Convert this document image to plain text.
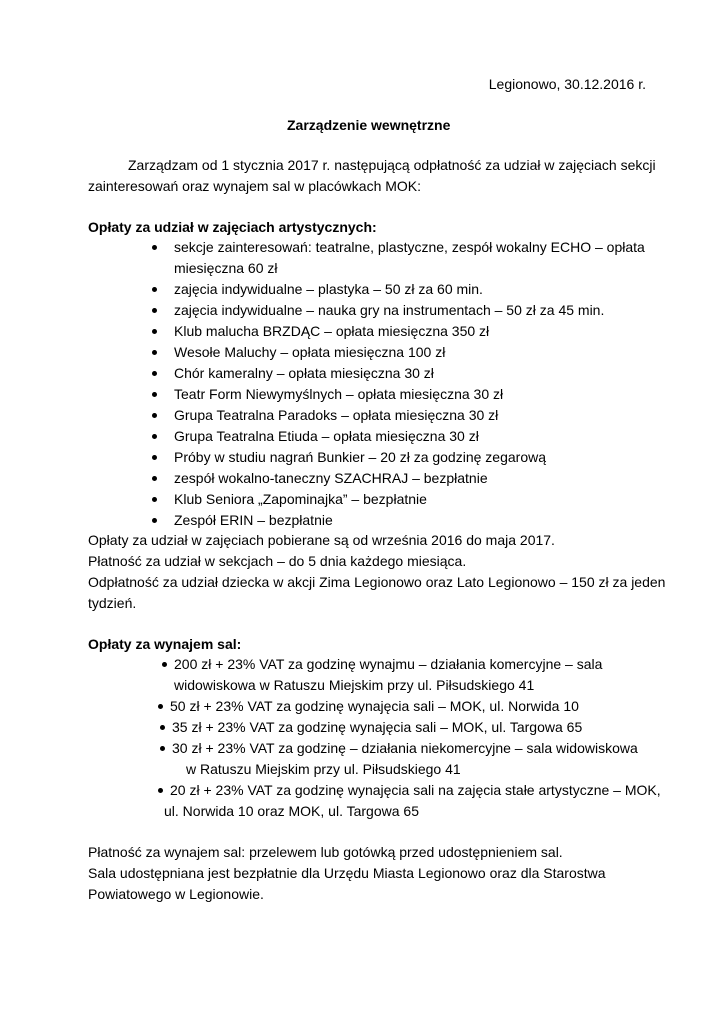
Legionowo, 30.12.2016 r.
Zarządzenie wewnętrzne
Zarządzam od 1 stycznia 2017 r. następującą odpłatność za udział w zajęciach sekcji
zainteresowań oraz wynajem sal w placówkach MOK:
Opłaty za udział w zajęciach artystycznych:
sekcje zainteresowań: teatralne, plastyczne, zespół wokalny ECHO – opłata
miesięczna 60 zł
zajęcia indywidualne – plastyka – 50 zł za 60 min.
zajęcia indywidualne – nauka gry na instrumentach – 50 zł za 45 min.
Klub malucha BRZDĄC – opłata miesięczna 350 zł
Wesołe Maluchy – opłata miesięczna 100 zł
Chór kameralny – opłata miesięczna 30 zł
Teatr Form Niewymyślnych – opłata miesięczna 30 zł
Grupa Teatralna Paradoks – opłata miesięczna 30 zł
Grupa Teatralna Etiuda – opłata miesięczna 30 zł
Próby w studiu nagrań Bunkier – 20 zł za godzinę zegarową
zespół wokalno-taneczny SZACHRAJ – bezpłatnie
Klub Seniora „Zapominajka” – bezpłatnie
Zespół ERIN – bezpłatnie
Opłaty za udział w zajęciach pobierane są od września 2016 do maja 2017.
Płatność za udział w sekcjach – do 5 dnia każdego miesiąca.
Odpłatność za udział dziecka w akcji Zima Legionowo oraz Lato Legionowo – 150 zł za jeden
tydzień.
Opłaty za wynajem sal:
200 zł + 23% VAT za godzinę wynajmu – działania komercyjne – sala
widowiskowa w Ratuszu Miejskim przy ul. Piłsudskiego 41
50 zł + 23% VAT za godzinę wynajęcia sali – MOK, ul. Norwida 10
35 zł + 23% VAT za godzinę wynajęcia sali – MOK, ul. Targowa 65
30 zł + 23% VAT za godzinę – działania niekomercyjne – sala widowiskowa
w Ratuszu Miejskim przy ul. Piłsudskiego 41
20 zł + 23% VAT za godzinę wynajęcia sali na zajęcia stałe artystyczne – MOK,
ul. Norwida 10 oraz MOK, ul. Targowa 65
Płatność za wynajem sal: przelewem lub gotówką przed udostępnieniem sal.
Sala udostępniana jest bezpłatnie dla Urzędu Miasta Legionowo oraz dla Starostwa
Powiatowego w Legionowie.
